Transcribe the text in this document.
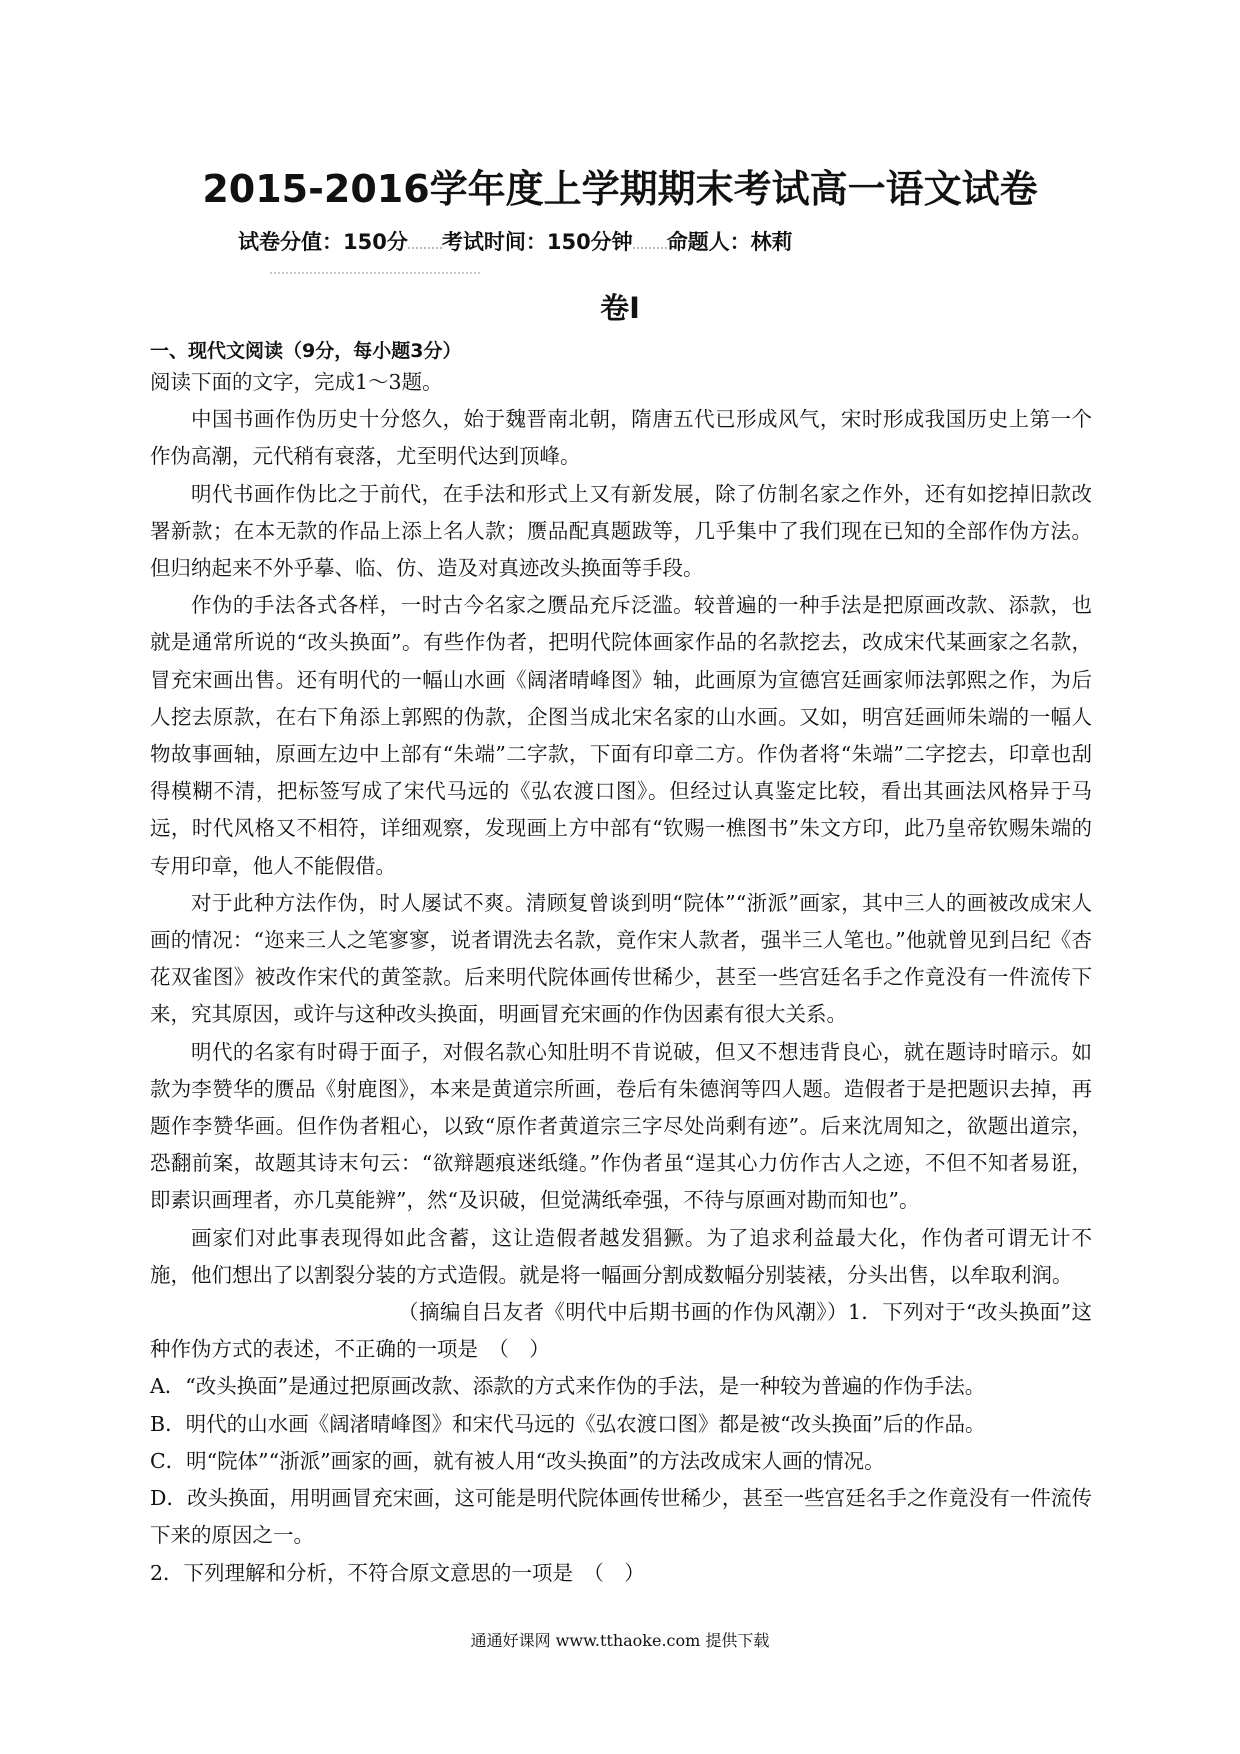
2015-2016学年度上学期期末考试高一语文试卷
试卷分值：150分 考试时间：150分钟 命题人：林莉
卷Ⅰ
一、现代文阅读（9分，每小题3分）

阅读下面的文字，完成1～3题。

中国书画作伪历史十分悠久，始于魏晋南北朝，隋唐五代已形成风气，宋时形成我国历史上第一个作伪高潮，元代稍有衰落，尤至明代达到顶峰。

明代书画作伪比之于前代，在手法和形式上又有新发展，除了仿制名家之作外，还有如挖掉旧款改署新款；在本无款的作品上添上名人款；赝品配真题跋等，几乎集中了我们现在已知的全部作伪方法。但归纳起来不外乎摹、临、仿、造及对真迹改头换面等手段。

作伪的手法各式各样，一时古今名家之赝品充斥泛滥。较普遍的一种手法是把原画改款、添款，也就是通常所说的“改头换面”。有些作伪者，把明代院体画家作品的名款挖去，改成宋代某画家之名款，冒充宋画出售。还有明代的一幅山水画《阔渚晴峰图》轴，此画原为宣德宫廷画家师法郭熙之作，为后人挖去原款，在右下角添上郭熙的伪款，企图当成北宋名家的山水画。又如，明宫廷画师朱端的一幅人物故事画轴，原画左边中上部有“朱端”二字款，下面有印章二方。作伪者将“朱端”二字挖去，印章也刮得模糊不清，把标签写成了宋代马远的《弘农渡口图》。但经过认真鉴定比较，看出其画法风格异于马远，时代风格又不相符，详细观察，发现画上方中部有“钦赐一樵图书”朱文方印，此乃皇帝钦赐朱端的专用印章，他人不能假借。

对于此种方法作伪，时人屡试不爽。清顾复曾谈到明“院体”“浙派”画家，其中三人的画被改成宋人画的情况：“迩来三人之笔寥寥，说者谓洗去名款，竟作宋人款者，强半三人笔也。”他就曾见到吕纪《杏花双雀图》被改作宋代的黄筌款。后来明代院体画传世稀少，甚至一些宫廷名手之作竟没有一件流传下来，究其原因，或许与这种改头换面，明画冒充宋画的作伪因素有很大关系。

明代的名家有时碍于面子，对假名款心知肚明不肯说破，但又不想违背良心，就在题诗时暗示。如款为李赞华的赝品《射鹿图》，本来是黄道宗所画，卷后有朱德润等四人题。造假者于是把题识去掉，再题作李赞华画。但作伪者粗心，以致“原作者黄道宗三字尽处尚剩有迹”。后来沈周知之，欲题出道宗，恐翻前案，故题其诗末句云：“欲辩题痕迷纸缝。”作伪者虽“逞其心力仿作古人之迹，不但不知者易诳，即素识画理者，亦几莫能辨”，然“及识破，但觉满纸牵强，不待与原画对勘而知也”。

画家们对此事表现得如此含蓄，这让造假者越发猖獗。为了追求利益最大化，作伪者可谓无计不施，他们想出了以割裂分装的方式造假。就是将一幅画分割成数幅分别装裱，分头出售，以牟取利润。

（摘编自吕友者《明代中后期书画的作伪风潮》）1．下列对于“改头换面”这种作伪方式的表述，不正确的一项是　（　）

A．“改头换面”是通过把原画改款、添款的方式来作伪的手法，是一种较为普遍的作伪手法。

B．明代的山水画《阔渚晴峰图》和宋代马远的《弘农渡口图》都是被“改头换面”后的作品。

C．明“院体”“浙派”画家的画，就有被人用“改头换面”的方法改成宋人画的情况。

D．改头换面，用明画冒充宋画，这可能是明代院体画传世稀少，甚至一些宫廷名手之作竟没有一件流传下来的原因之一。

2．下列理解和分析，不符合原文意思的一项是　（　）

通通好课网 www.tthaoke.com 提供下载
